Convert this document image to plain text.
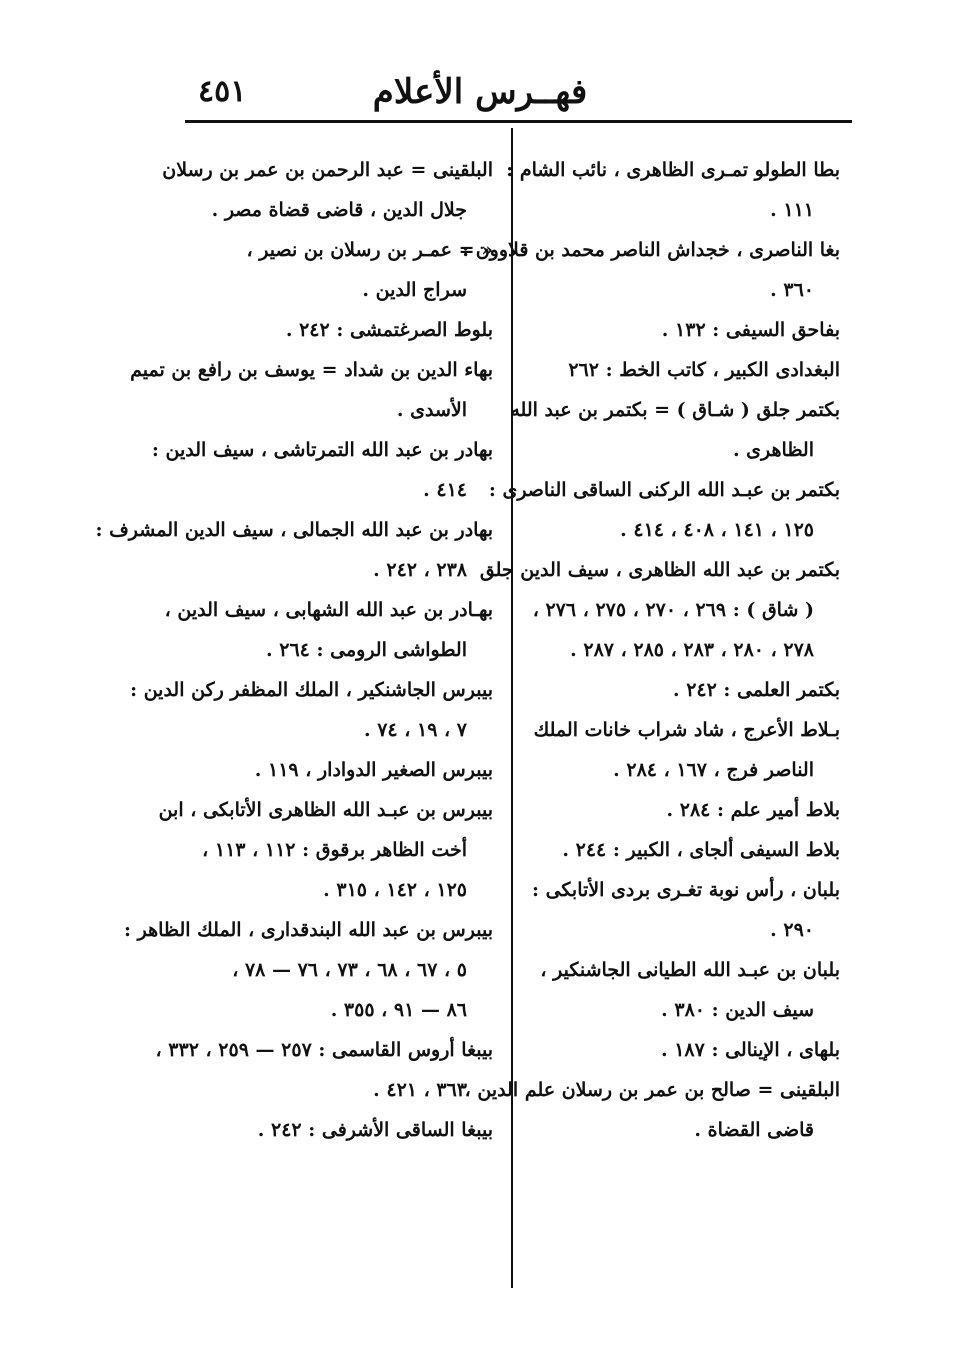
فهــرس الأعلام
٤٥١
بطا الطولو تمـرى الظاهرى ، نائب الشام :
١١١ .
بغا الناصرى ، خجداش الناصر محمد بن قلاوون :
٣٦٠ .
بفاحق السيفى : ١٣٢ .
البغدادى الكبير ، كاتب الخط : ٢٦٢
بكتمر جلق ( شـاق ) = بكتمر بن عبد الله
الظاهرى .
بكتمر بن عبـد الله الركنى الساقى الناصرى :
١٢٥ ، ١٤١ ، ٤٠٨ ، ٤١٤ .
بكتمر بن عبد الله الظاهرى ، سيف الدين جلق
( شاق ) : ٢٦٩ ، ٢٧٠ ، ٢٧٥ ، ٢٧٦ ،
٢٧٨ ، ٢٨٠ ، ٢٨٣ ، ٢٨٥ ، ٢٨٧ .
بكتمر العلمى : ٢٤٢ .
بـلاط الأعرج ، شاد شراب خانات الملك
الناصر فرج ، ١٦٧ ، ٢٨٤ .
بلاط أمير علم : ٢٨٤ .
بلاط السيفى ألجاى ، الكبير : ٢٤٤ .
بلبان ، رأس نوبة تغـرى بردى الأتابكى :
٢٩٠ .
بلبان بن عبـد الله الطيانى الجاشنكير ،
سيف الدين : ٣٨٠ .
بلهاى ، الإينالى : ١٨٧ .
البلقينى = صالح بن عمر بن رسلان علم الدين ،
قاضى القضاة .
البلقينى = عبد الرحمن بن عمر بن رسلان
جلال الدين ، قاضى قضاة مصر .
« = عمـر بن رسلان بن نصير ،
سراج الدين .
بلوط الصرغتمشى : ٢٤٢ .
بهاء الدين بن شداد = يوسف بن رافع بن تميم
الأسدى .
بهادر بن عبد الله التمرتاشى ، سيف الدين :
٤١٤ .
بهادر بن عبد الله الجمالى ، سيف الدين المشرف :
٢٣٨ ، ٢٤٢ .
بهـادر بن عبد الله الشهابى ، سيف الدين ،
الطواشى الرومى : ٢٦٤ .
بيبرس الجاشنكير ، الملك المظفر ركن الدين :
٧ ، ١٩ ، ٧٤ .
بيبرس الصغير الدوادار ، ١١٩ .
بيبرس بن عبـد الله الظاهرى الأتابكى ، ابن
أخت الظاهر برقوق : ١١٢ ، ١١٣ ،
١٢٥ ، ١٤٢ ، ٣١٥ .
بيبرس بن عبد الله البندقدارى ، الملك الظاهر :
٥ ، ٦٧ ، ٦٨ ، ٧٣ ، ٧٦ — ٧٨ ،
٨٦ — ٩١ ، ٣٥٥ .
بيبغا أروس القاسمى : ٢٥٧ — ٢٥٩ ، ٣٣٢ ،
٣٦٣ ، ٤٢١ .
بيبغا الساقى الأشرفى : ٢٤٢ .
